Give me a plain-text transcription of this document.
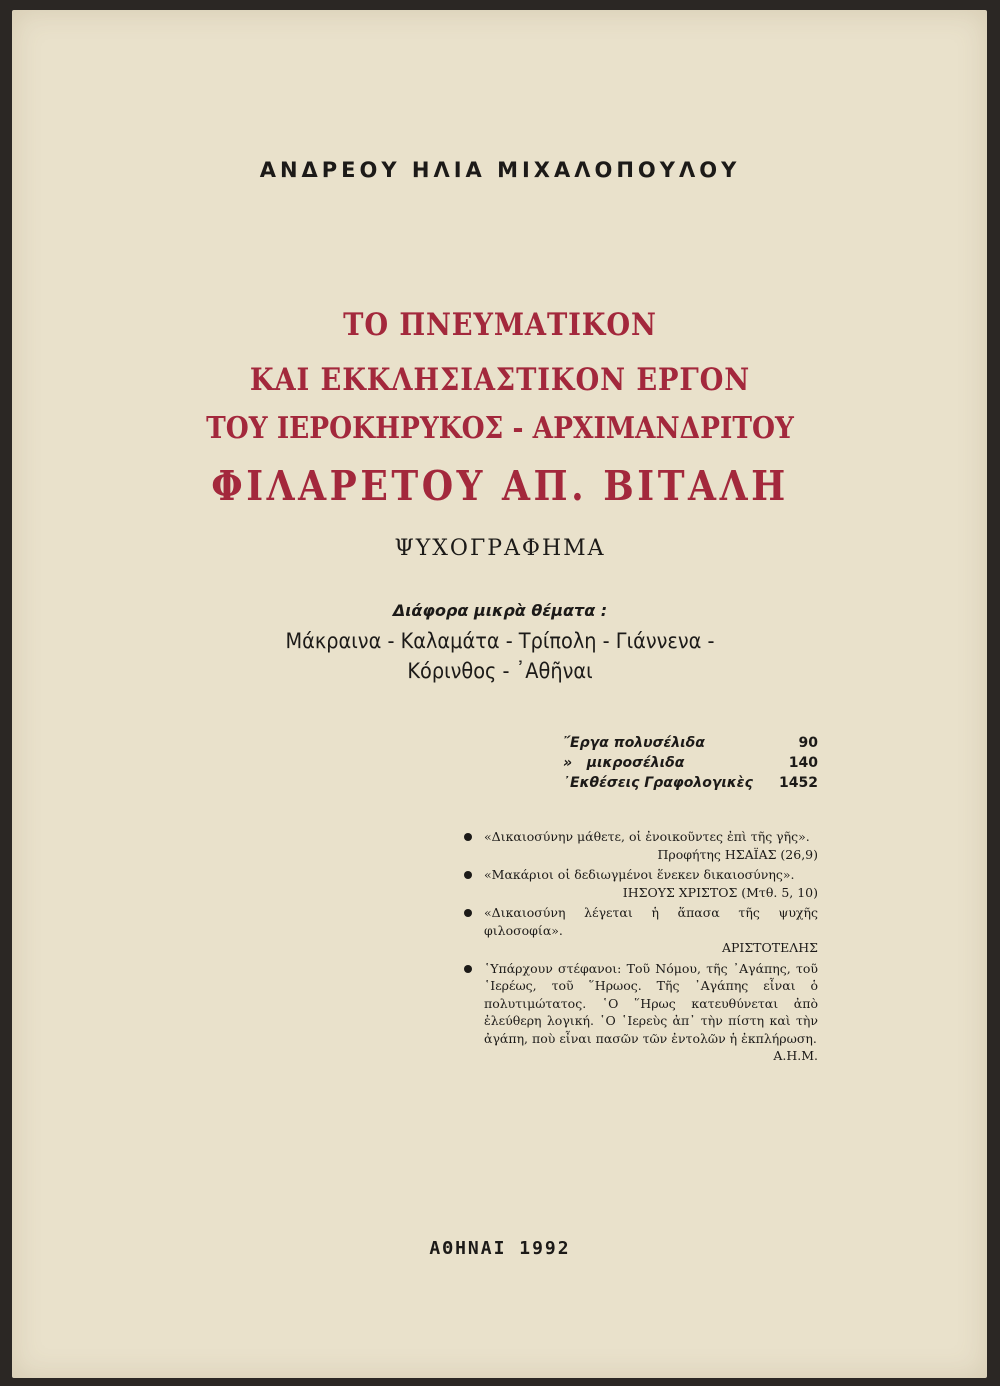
ΑΝΔΡΕΟΥ ΗΛΙΑ ΜΙΧΑΛΟΠΟΥΛΟΥ
ΤΟ ΠΝΕΥΜΑΤΙΚΟΝ
ΚΑΙ ΕΚΚΛΗΣΙΑΣΤΙΚΟΝ ΕΡΓΟΝ
ΤΟΥ ΙΕΡΟΚΗΡΥΚΟΣ - ΑΡΧΙΜΑΝΔΡΙΤΟΥ
ΦΙΛΑΡΕΤΟΥ ΑΠ. ΒΙΤΑΛΗ
ΨΥΧΟΓΡΑΦΗΜΑ
Διάφορα μικρὰ θέματα :
Μάκραινα - Καλαμάτα - Τρίπολη - Γιάννενα -
Κόρινθος - ᾿Αθῆναι
῎Εργα πολυσέλιδα	90
»   μικροσέλιδα	140
᾿Εκθέσεις Γραφολογικὲς 1452
«Δικαιοσύνην μάθετε, οἱ ἐνοικοῦντες ἐπὶ τῆς γῆς».
Προφήτης ΗΣΑΪΑΣ (26,9)
«Μακάριοι οἱ δεδιωγμένοι ἕνεκεν δικαιοσύνης».
ΙΗΣΟΥΣ ΧΡΙΣΤΟΣ (Μτθ. 5, 10)
«Δικαιοσύνη λέγεται ἡ ἅπασα τῆς ψυχῆς φιλοσοφία».
ΑΡΙΣΤΟΤΕΛΗΣ
῾Υπάρχουν στέφανοι: Τοῦ Νόμου, τῆς ᾿Αγάπης, τοῦ ῾Ιερέως, τοῦ ῞Ηρωος. Τῆς ᾿Αγάπης εἶναι ὁ πολυτιμώτατος. ῾Ο ῞Ηρως κατευθύνεται ἀπὸ ἐλεύθερη λογική. ῾Ο ῾Ιερεὺς ἀπ᾿ τὴν πίστη καὶ τὴν ἀγάπη, ποὺ εἶναι πασῶν τῶν ἐντολῶν ἡ ἐκπλήρωση.
Α.Η.Μ.
ΑΘΗΝΑΙ 1992
